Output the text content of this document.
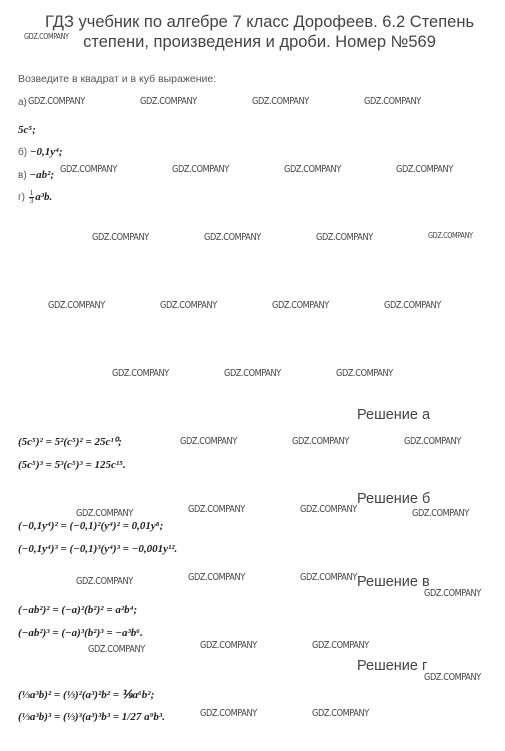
ГДЗ учебник по алгебре 7 класс Дорофеев. 6.2 Степень степени, произведения и дроби. Номер №569
Возведите в квадрат и в куб выражение:
а)
5c⁵;
б) −0,1y⁴;
в) −ab²;
$г) \frac{1}{3} a^3b$.
Решение а
(5c⁵)² = 5²(c⁵)² = 25c¹⁰;
(5c⁵)³ = 5³(c⁵)³ = 125c¹⁵.
Решение б
(−0,1y⁴)² = (−0,1)²(y⁴)² = 0,01y⁸;
(−0,1y⁴)³ = (−0,1)³(y⁴)³ = −0,001y¹².
Решение в
(−ab²)² = (−a)²(b²)² = a²b⁴;
(−ab²)³ = (−a)³(b²)³ = −a³b⁶.
Решение г
(⅓a³b)² = (⅓)²(a³)²b² = ⅑a⁶b²;
(⅓a³b)³ = (⅓)³(a³)³b³ = 1/27 a⁹b³.
GDZ.COMPANY
GDZ.COMPANY	GDZ.COMPANY	GDZ.COMPANY	GDZ.COMPANY
GDZ.COMPANY	GDZ.COMPANY	GDZ.COMPANY	GDZ.COMPANY
GDZ.COMPANY	GDZ.COMPANY	GDZ.COMPANY	GDZ.COMPANY
GDZ.COMPANY	GDZ.COMPANY	GDZ.COMPANY	GDZ.COMPANY
GDZ.COMPANY	GDZ.COMPANY	GDZ.COMPANY
GDZ.COMPANY	GDZ.COMPANY	GDZ.COMPANY
GDZ.COMPANY	GDZ.COMPANY	GDZ.COMPANY	GDZ.COMPANY
GDZ.COMPANY	GDZ.COMPANY	GDZ.COMPANY
GDZ.COMPANY
GDZ.COMPANY	GDZ.COMPANY	GDZ.COMPANY
GDZ.COMPANY
GDZ.COMPANY	GDZ.COMPANY
